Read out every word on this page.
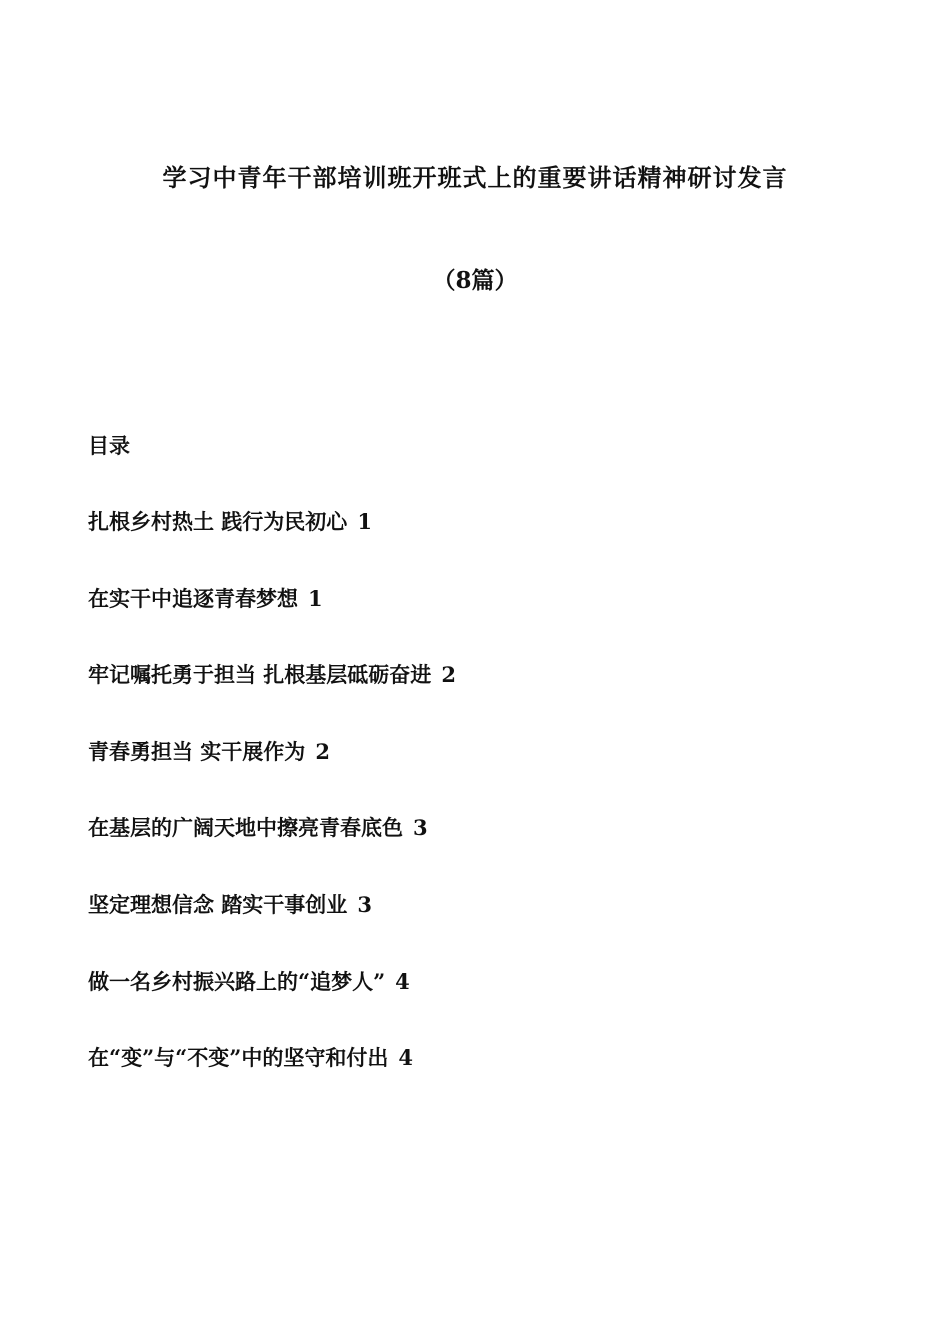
学习中青年干部培训班开班式上的重要讲话精神研讨发言
（8篇）
目录
扎根乡村热土 践行为民初心 1
在实干中追逐青春梦想 1
牢记嘱托勇于担当 扎根基层砥砺奋进 2
青春勇担当 实干展作为 2
在基层的广阔天地中擦亮青春底色 3
坚定理想信念 踏实干事创业 3
做一名乡村振兴路上的“追梦人” 4
在“变”与“不变”中的坚守和付出 4
